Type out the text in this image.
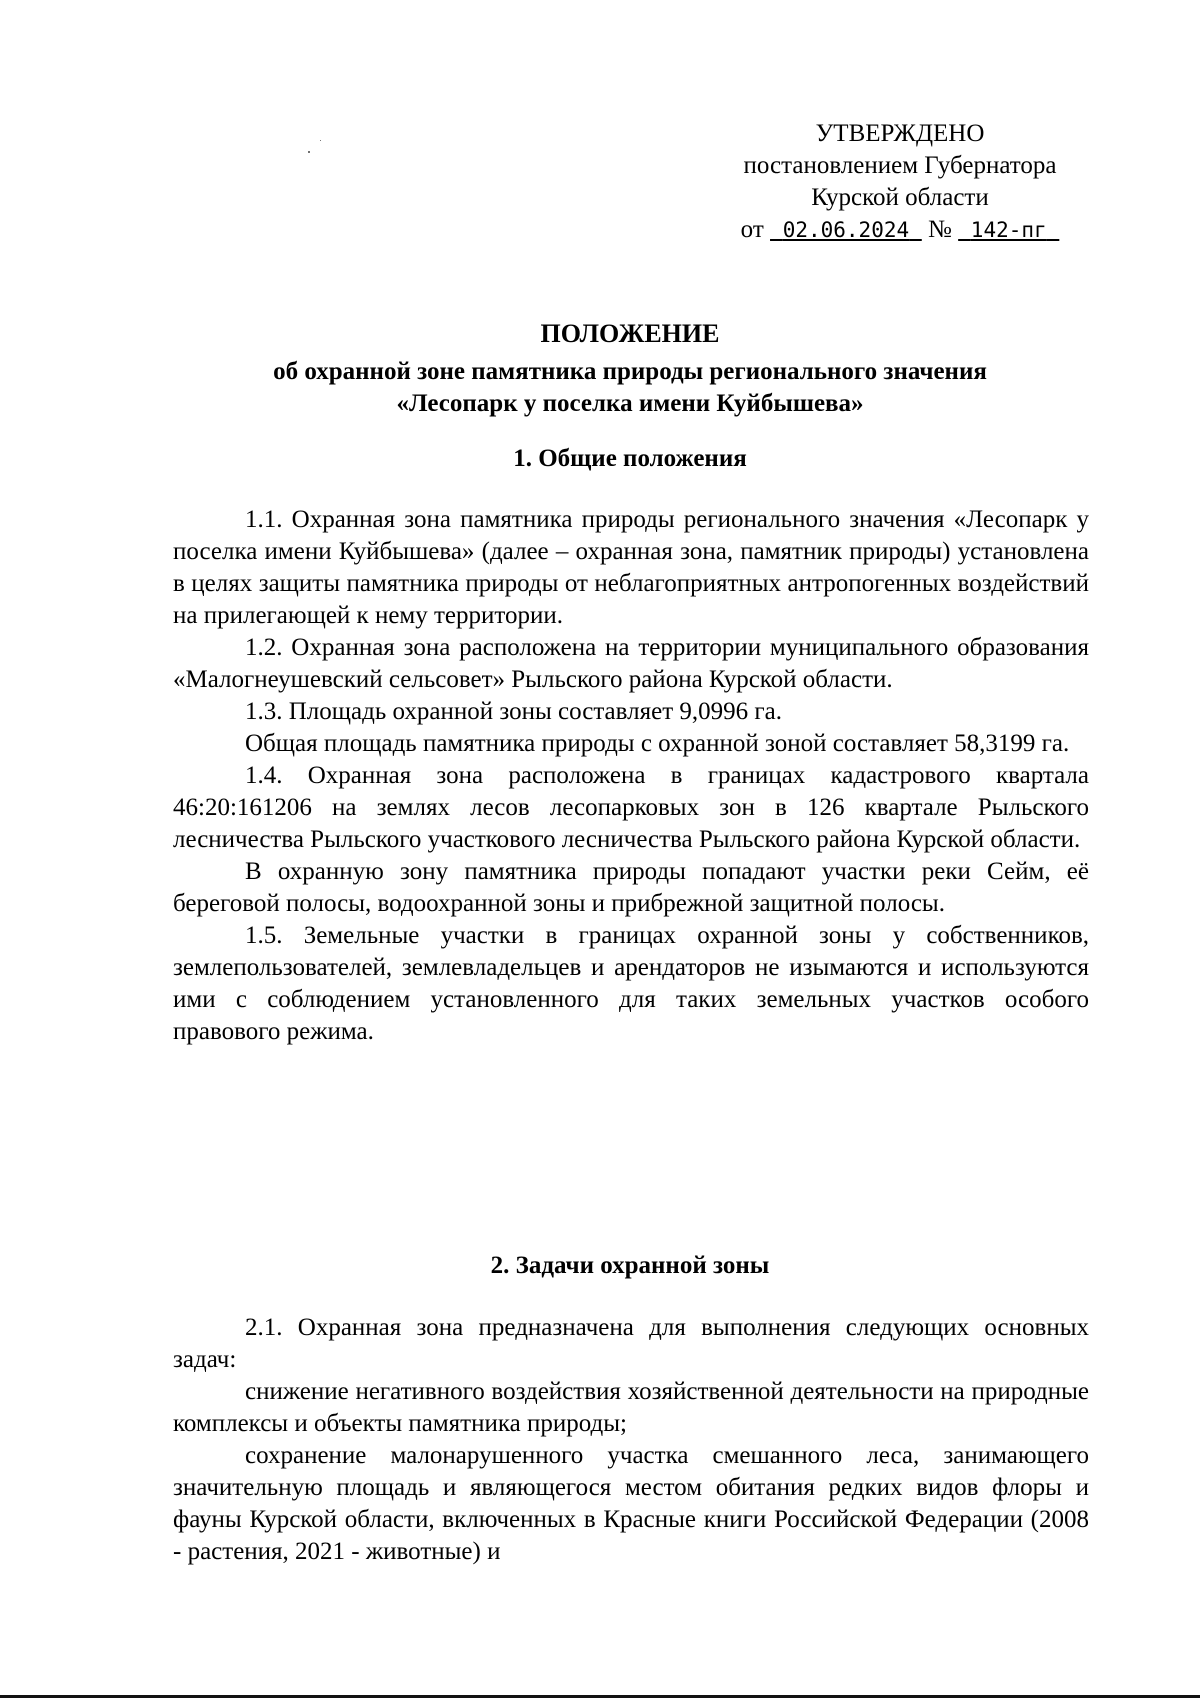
УТВЕРЖДЕНО
постановлением Губернатора
Курской области
от 02.06.2024 № 142-пг
ПОЛОЖЕНИЕ
об охранной зоне памятника природы регионального значения
«Лесопарк у поселка имени Куйбышева»
1. Общие положения

1.1. Охранная зона памятника природы регионального значения «Лесопарк у поселка имени Куйбышева» (далее – охранная зона, памятник природы) установлена в целях защиты памятника природы от неблагоприятных антропогенных воздействий на прилегающей к нему территории.

1.2. Охранная зона расположена на территории муниципального образования «Малогнеушевский сельсовет» Рыльского района Курской области.

1.3. Площадь охранной зоны составляет 9,0996 га.

Общая площадь памятника природы с охранной зоной составляет 58,3199 га.

1.4. Охранная зона расположена в границах кадастрового квартала 46:20:161206 на землях лесов лесопарковых зон в 126 квартале Рыльского лесничества Рыльского участкового лесничества Рыльского района Курской области.

В охранную зону памятника природы попадают участки реки Сейм, её береговой полосы, водоохранной зоны и прибрежной защитной полосы.

1.5. Земельные участки в границах охранной зоны у собственников, землепользователей, землевладельцев и арендаторов не изымаются и используются ими с соблюдением установленного для таких земельных участков особого правового режима.

2. Задачи охранной зоны

2.1. Охранная зона предназначена для выполнения следующих основных задач:

снижение негативного воздействия хозяйственной деятельности на природные комплексы и объекты памятника природы;

сохранение малонарушенного участка смешанного леса, занимающего значительную площадь и являющегося местом обитания редких видов флоры и фауны Курской области, включенных в Красные книги Российской Федерации (2008 - растения, 2021 - животные) и
